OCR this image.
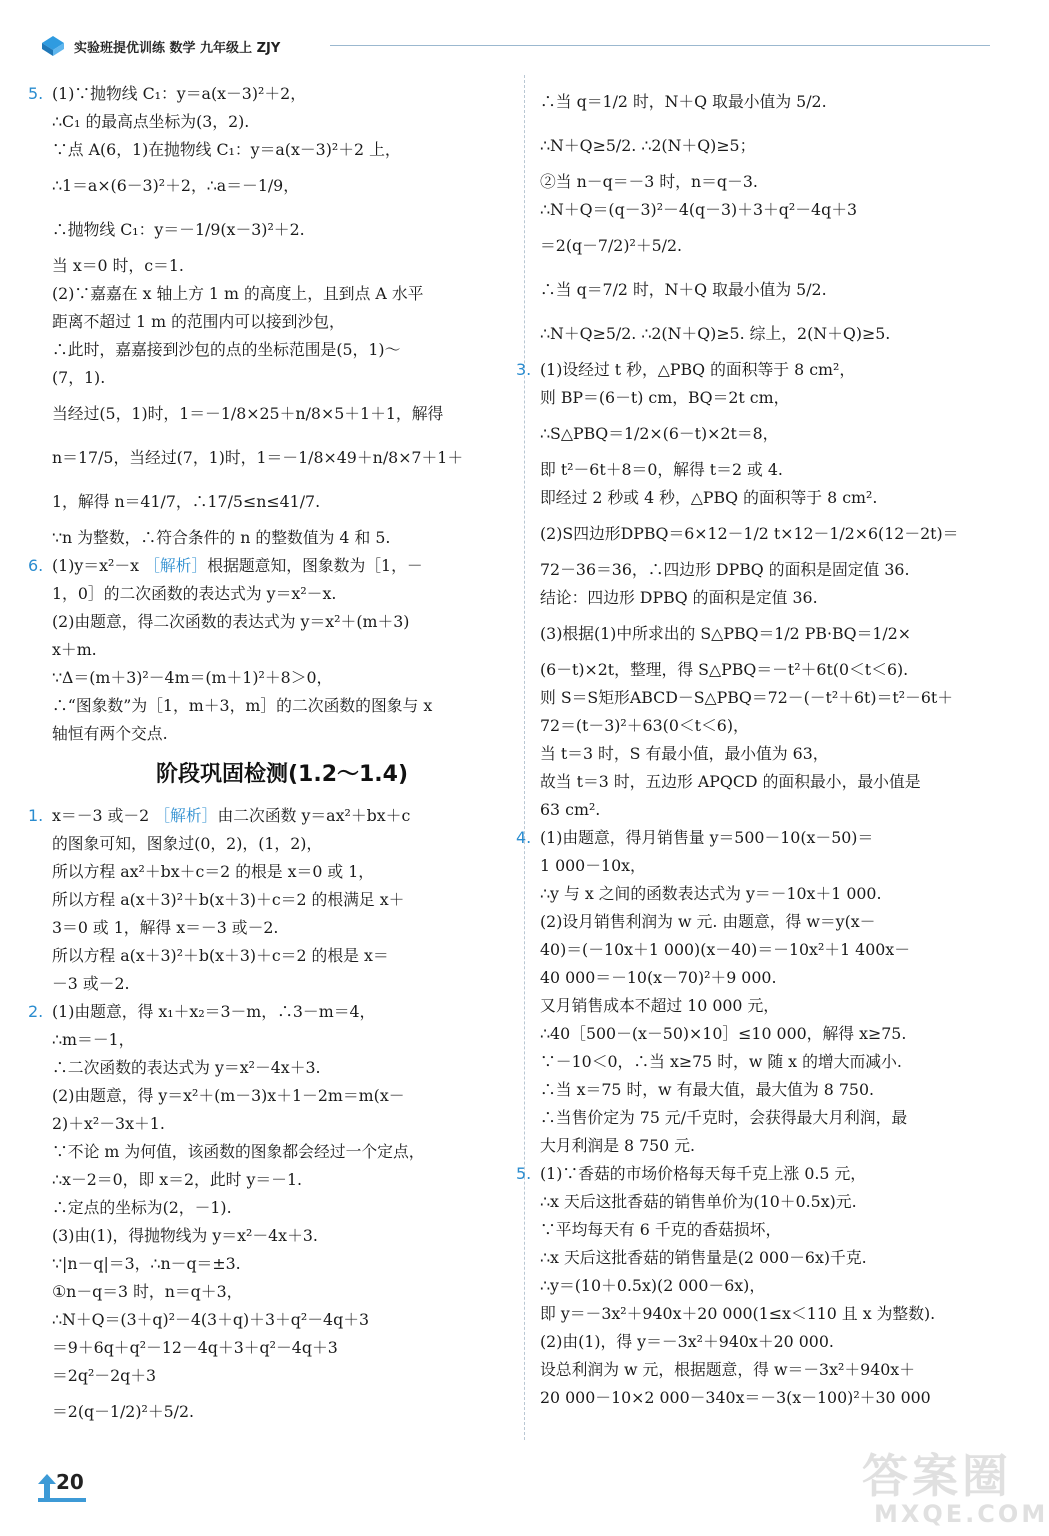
实验班提优训练 数学 九年级上 ZJY
5. (1)∵抛物线 C₁：y＝a(x－3)²＋2，
∴C₁ 的最高点坐标为(3，2).
∵点 A(6，1)在抛物线 C₁：y＝a(x－3)²＋2 上，
∴1＝a×(6－3)²＋2，∴a＝－1/9，
∴抛物线 C₁：y＝－1/9(x－3)²＋2.
当 x＝0 时，c＝1.
(2)∵嘉嘉在 x 轴上方 1 m 的高度上，且到点 A 水平
距离不超过 1 m 的范围内可以接到沙包，
∴此时，嘉嘉接到沙包的点的坐标范围是(5，1)～
(7，1).
当经过(5，1)时，1＝－1/8×25＋n/8×5＋1＋1，解得
n＝17/5，当经过(7，1)时，1＝－1/8×49＋n/8×7＋1＋
1，解得 n＝41/7，∴17/5≤n≤41/7.
∵n 为整数，∴符合条件的 n 的整数值为 4 和 5.
6. (1)y＝x²－x ［解析］根据题意知，图象数为［1，－
1，0］的二次函数的表达式为 y＝x²－x.
(2)由题意，得二次函数的表达式为 y＝x²＋(m＋3)
x＋m.
∵Δ＝(m＋3)²－4m＝(m＋1)²＋8＞0，
∴“图象数”为［1，m＋3，m］的二次函数的图象与 x
轴恒有两个交点.
阶段巩固检测(1.2～1.4)
1. x＝－3 或－2 ［解析］由二次函数 y＝ax²＋bx＋c
的图象可知，图象过(0，2)，(1，2)，
所以方程 ax²＋bx＋c＝2 的根是 x＝0 或 1，
所以方程 a(x＋3)²＋b(x＋3)＋c＝2 的根满足 x＋
3＝0 或 1，解得 x＝－3 或－2.
所以方程 a(x＋3)²＋b(x＋3)＋c＝2 的根是 x＝
－3 或－2.
2. (1)由题意，得 x₁＋x₂＝3－m，∴3－m＝4，
∴m＝－1，
∴二次函数的表达式为 y＝x²－4x＋3.
(2)由题意，得 y＝x²＋(m－3)x＋1－2m＝m(x－
2)＋x²－3x＋1.
∵不论 m 为何值，该函数的图象都会经过一个定点，
∴x－2＝0，即 x＝2，此时 y＝－1.
∴定点的坐标为(2，－1).
(3)由(1)，得抛物线为 y＝x²－4x＋3.
∵|n－q|＝3，∴n－q＝±3.
①n－q＝3 时，n＝q＋3，
∴N＋Q＝(3＋q)²－4(3＋q)＋3＋q²－4q＋3
＝9＋6q＋q²－12－4q＋3＋q²－4q＋3
＝2q²－2q＋3
＝2(q－1/2)²＋5/2.
∴当 q＝1/2 时，N＋Q 取最小值为 5/2.
∴N＋Q≥5/2. ∴2(N＋Q)≥5；
②当 n－q＝－3 时，n＝q－3.
∴N＋Q＝(q－3)²－4(q－3)＋3＋q²－4q＋3
＝2(q－7/2)²＋5/2.
∴当 q＝7/2 时，N＋Q 取最小值为 5/2.
∴N＋Q≥5/2. ∴2(N＋Q)≥5. 综上，2(N＋Q)≥5.
3. (1)设经过 t 秒，△PBQ 的面积等于 8 cm²，
则 BP＝(6－t) cm，BQ＝2t cm，
∴S△PBQ＝1/2×(6－t)×2t＝8，
即 t²－6t＋8＝0，解得 t＝2 或 4.
即经过 2 秒或 4 秒，△PBQ 的面积等于 8 cm².
(2)S四边形DPBQ＝6×12－1/2 t×12－1/2×6(12－2t)＝
72－36＝36，∴四边形 DPBQ 的面积是固定值 36.
结论：四边形 DPBQ 的面积是定值 36.
(3)根据(1)中所求出的 S△PBQ＝1/2 PB·BQ＝1/2×
(6－t)×2t，整理，得 S△PBQ＝－t²＋6t(0＜t＜6).
则 S＝S矩形ABCD－S△PBQ＝72－(－t²＋6t)＝t²－6t＋
72＝(t－3)²＋63(0＜t＜6)，
当 t＝3 时，S 有最小值，最小值为 63，
故当 t＝3 时，五边形 APQCD 的面积最小，最小值是
63 cm².
4. (1)由题意，得月销售量 y＝500－10(x－50)＝
1 000－10x，
∴y 与 x 之间的函数表达式为 y＝－10x＋1 000.
(2)设月销售利润为 w 元. 由题意，得 w＝y(x－
40)＝(－10x＋1 000)(x－40)＝－10x²＋1 400x－
40 000＝－10(x－70)²＋9 000.
又月销售成本不超过 10 000 元，
∴40［500－(x－50)×10］≤10 000，解得 x≥75.
∵－10＜0，∴当 x≥75 时，w 随 x 的增大而减小.
∴当 x＝75 时，w 有最大值，最大值为 8 750.
∴当售价定为 75 元/千克时，会获得最大月利润，最
大月利润是 8 750 元.
5. (1)∵香菇的市场价格每天每千克上涨 0.5 元，
∴x 天后这批香菇的销售单价为(10＋0.5x)元.
∵平均每天有 6 千克的香菇损坏，
∴x 天后这批香菇的销售量是(2 000－6x)千克.
∴y＝(10＋0.5x)(2 000－6x)，
即 y＝－3x²＋940x＋20 000(1≤x＜110 且 x 为整数).
(2)由(1)，得 y＝－3x²＋940x＋20 000.
设总利润为 w 元，根据题意，得 w＝－3x²＋940x＋
20 000－10×2 000－340x＝－3(x－100)²＋30 000
20	答案圈
MXQE.COM
